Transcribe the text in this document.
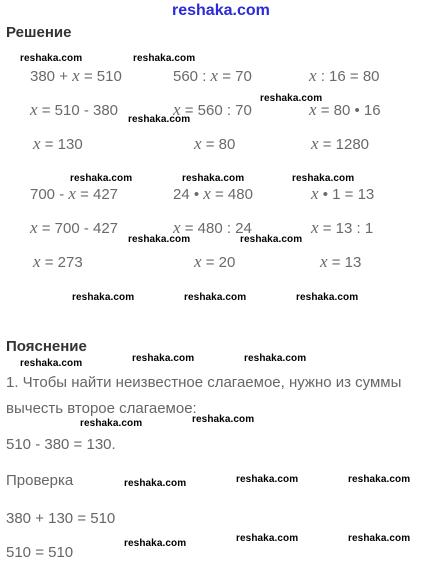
reshaka.com
Решение
reshaka.com	reshaka.com
reshaka.com
reshaka.com
reshaka.com	reshaka.com	reshaka.com
reshaka.com	reshaka.com
reshaka.com	reshaka.com	reshaka.com
reshaka.com	reshaka.com
reshaka.com
reshaka.com
reshaka.com
reshaka.com	reshaka.com
reshaka.com
reshaka.com	reshaka.com
reshaka.com
380 + x = 510	560 : x = 70	x : 16 = 80
x = 510 - 380	x = 560 : 70	x = 80 • 16
x = 130	x = 80	x = 1280
700 - x = 427	24 • x = 480	x • 1 = 13
x = 700 - 427	x = 480 : 24	x = 13 : 1
x = 273	x = 20	x = 13
Пояснение
1. Чтобы найти неизвестное слагаемое, нужно из суммы
вычесть второе слагаемое:
510 - 380 = 130.
Проверка
380 + 130 = 510
510 = 510
